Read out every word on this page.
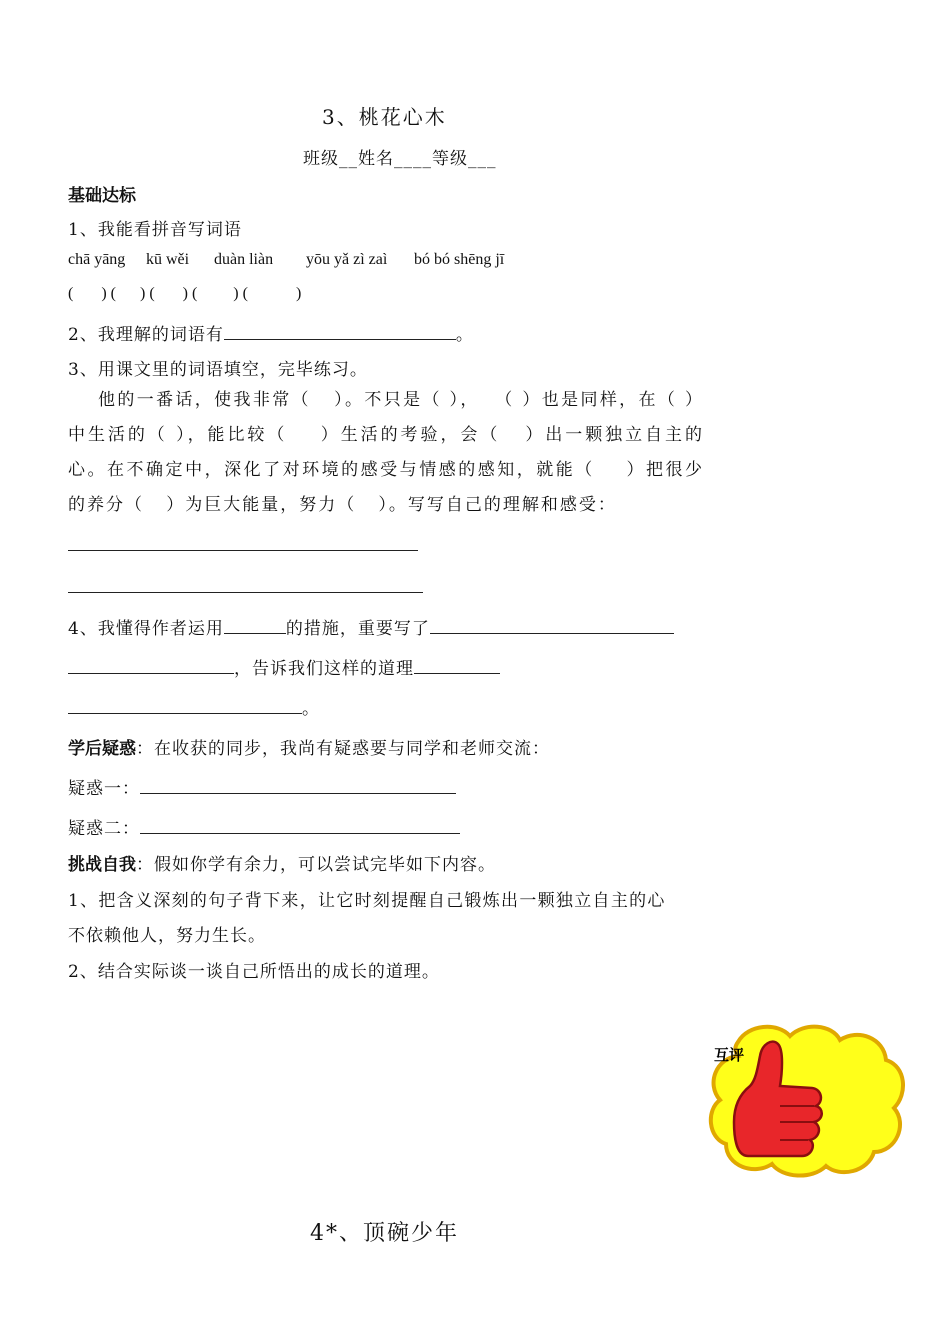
3、桃花心木
班级__姓名____等级___
基础达标
1、我能看拼音写词语
chā yāng kū wěi duàn liàn yōu yǎ zì zaì bó bó shēng jī
(       ) (      ) (       ) (         ) (            )
2、我理解的词语有	。
3、用课文里的词语填空，完毕练习。
他的一番话，使我非常（   ）。不只是（ ），  （ ）也是同样，在（ ）中生活的（ ），能比较（    ）生活的考验，会（   ）出一颗独立自主的心。在不确定中，深化了对环境的感受与情感的感知，就能（    ）把很少的养分（   ）为巨大能量，努力（   ）。写写自己的理解和感受：
4、我懂得作者运用	的措施，重要写了
，告诉我们这样的道理
。
学后疑惑：在收获的同步，我尚有疑惑要与同学和老师交流：
疑惑一：
疑惑二：
挑战自我：假如你学有余力，可以尝试完毕如下内容。
1、把含义深刻的句子背下来，让它时刻提醒自己锻炼出一颗独立自主的心
不依赖他人，努力生长。
2、结合实际谈一谈自己所悟出的成长的道理。
互评
4*、顶碗少年
